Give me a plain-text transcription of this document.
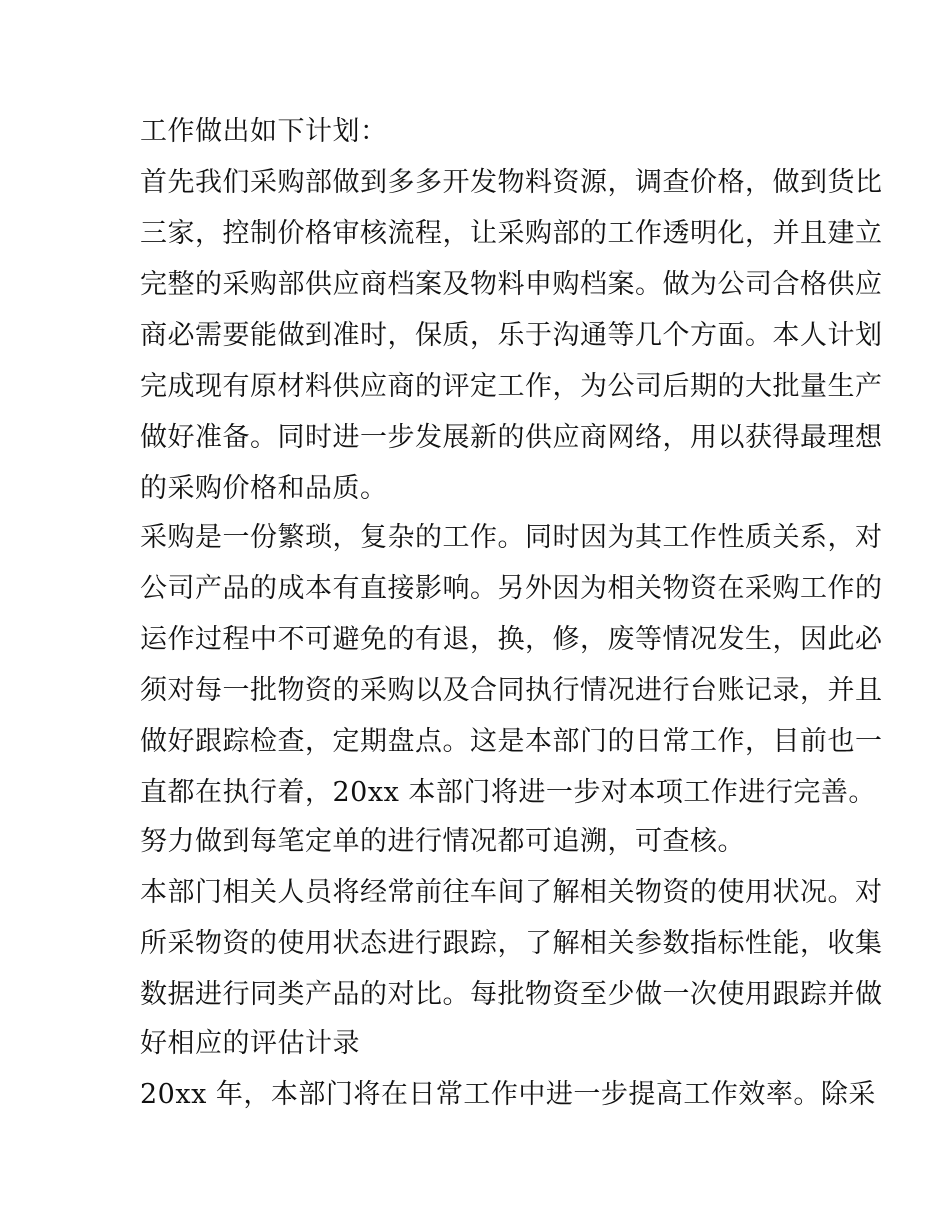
工作做出如下计划：
首先我们采购部做到多多开发物料资源，调查价格，做到货比
三家，控制价格审核流程，让采购部的工作透明化，并且建立
完整的采购部供应商档案及物料申购档案。做为公司合格供应
商必需要能做到准时，保质，乐于沟通等几个方面。本人计划
完成现有原材料供应商的评定工作，为公司后期的大批量生产
做好准备。同时进一步发展新的供应商网络，用以获得最理想
的采购价格和品质。
采购是一份繁琐，复杂的工作。同时因为其工作性质关系，对
公司产品的成本有直接影响。另外因为相关物资在采购工作的
运作过程中不可避免的有退，换，修，废等情况发生，因此必
须对每一批物资的采购以及合同执行情况进行台账记录，并且
做好跟踪检查，定期盘点。这是本部门的日常工作，目前也一
直都在执行着，20xx 本部门将进一步对本项工作进行完善。
努力做到每笔定单的进行情况都可追溯，可查核。
本部门相关人员将经常前往车间了解相关物资的使用状况。对
所采物资的使用状态进行跟踪，了解相关参数指标性能，收集
数据进行同类产品的对比。每批物资至少做一次使用跟踪并做
好相应的评估计录
20xx 年，本部门将在日常工作中进一步提高工作效率。除采
